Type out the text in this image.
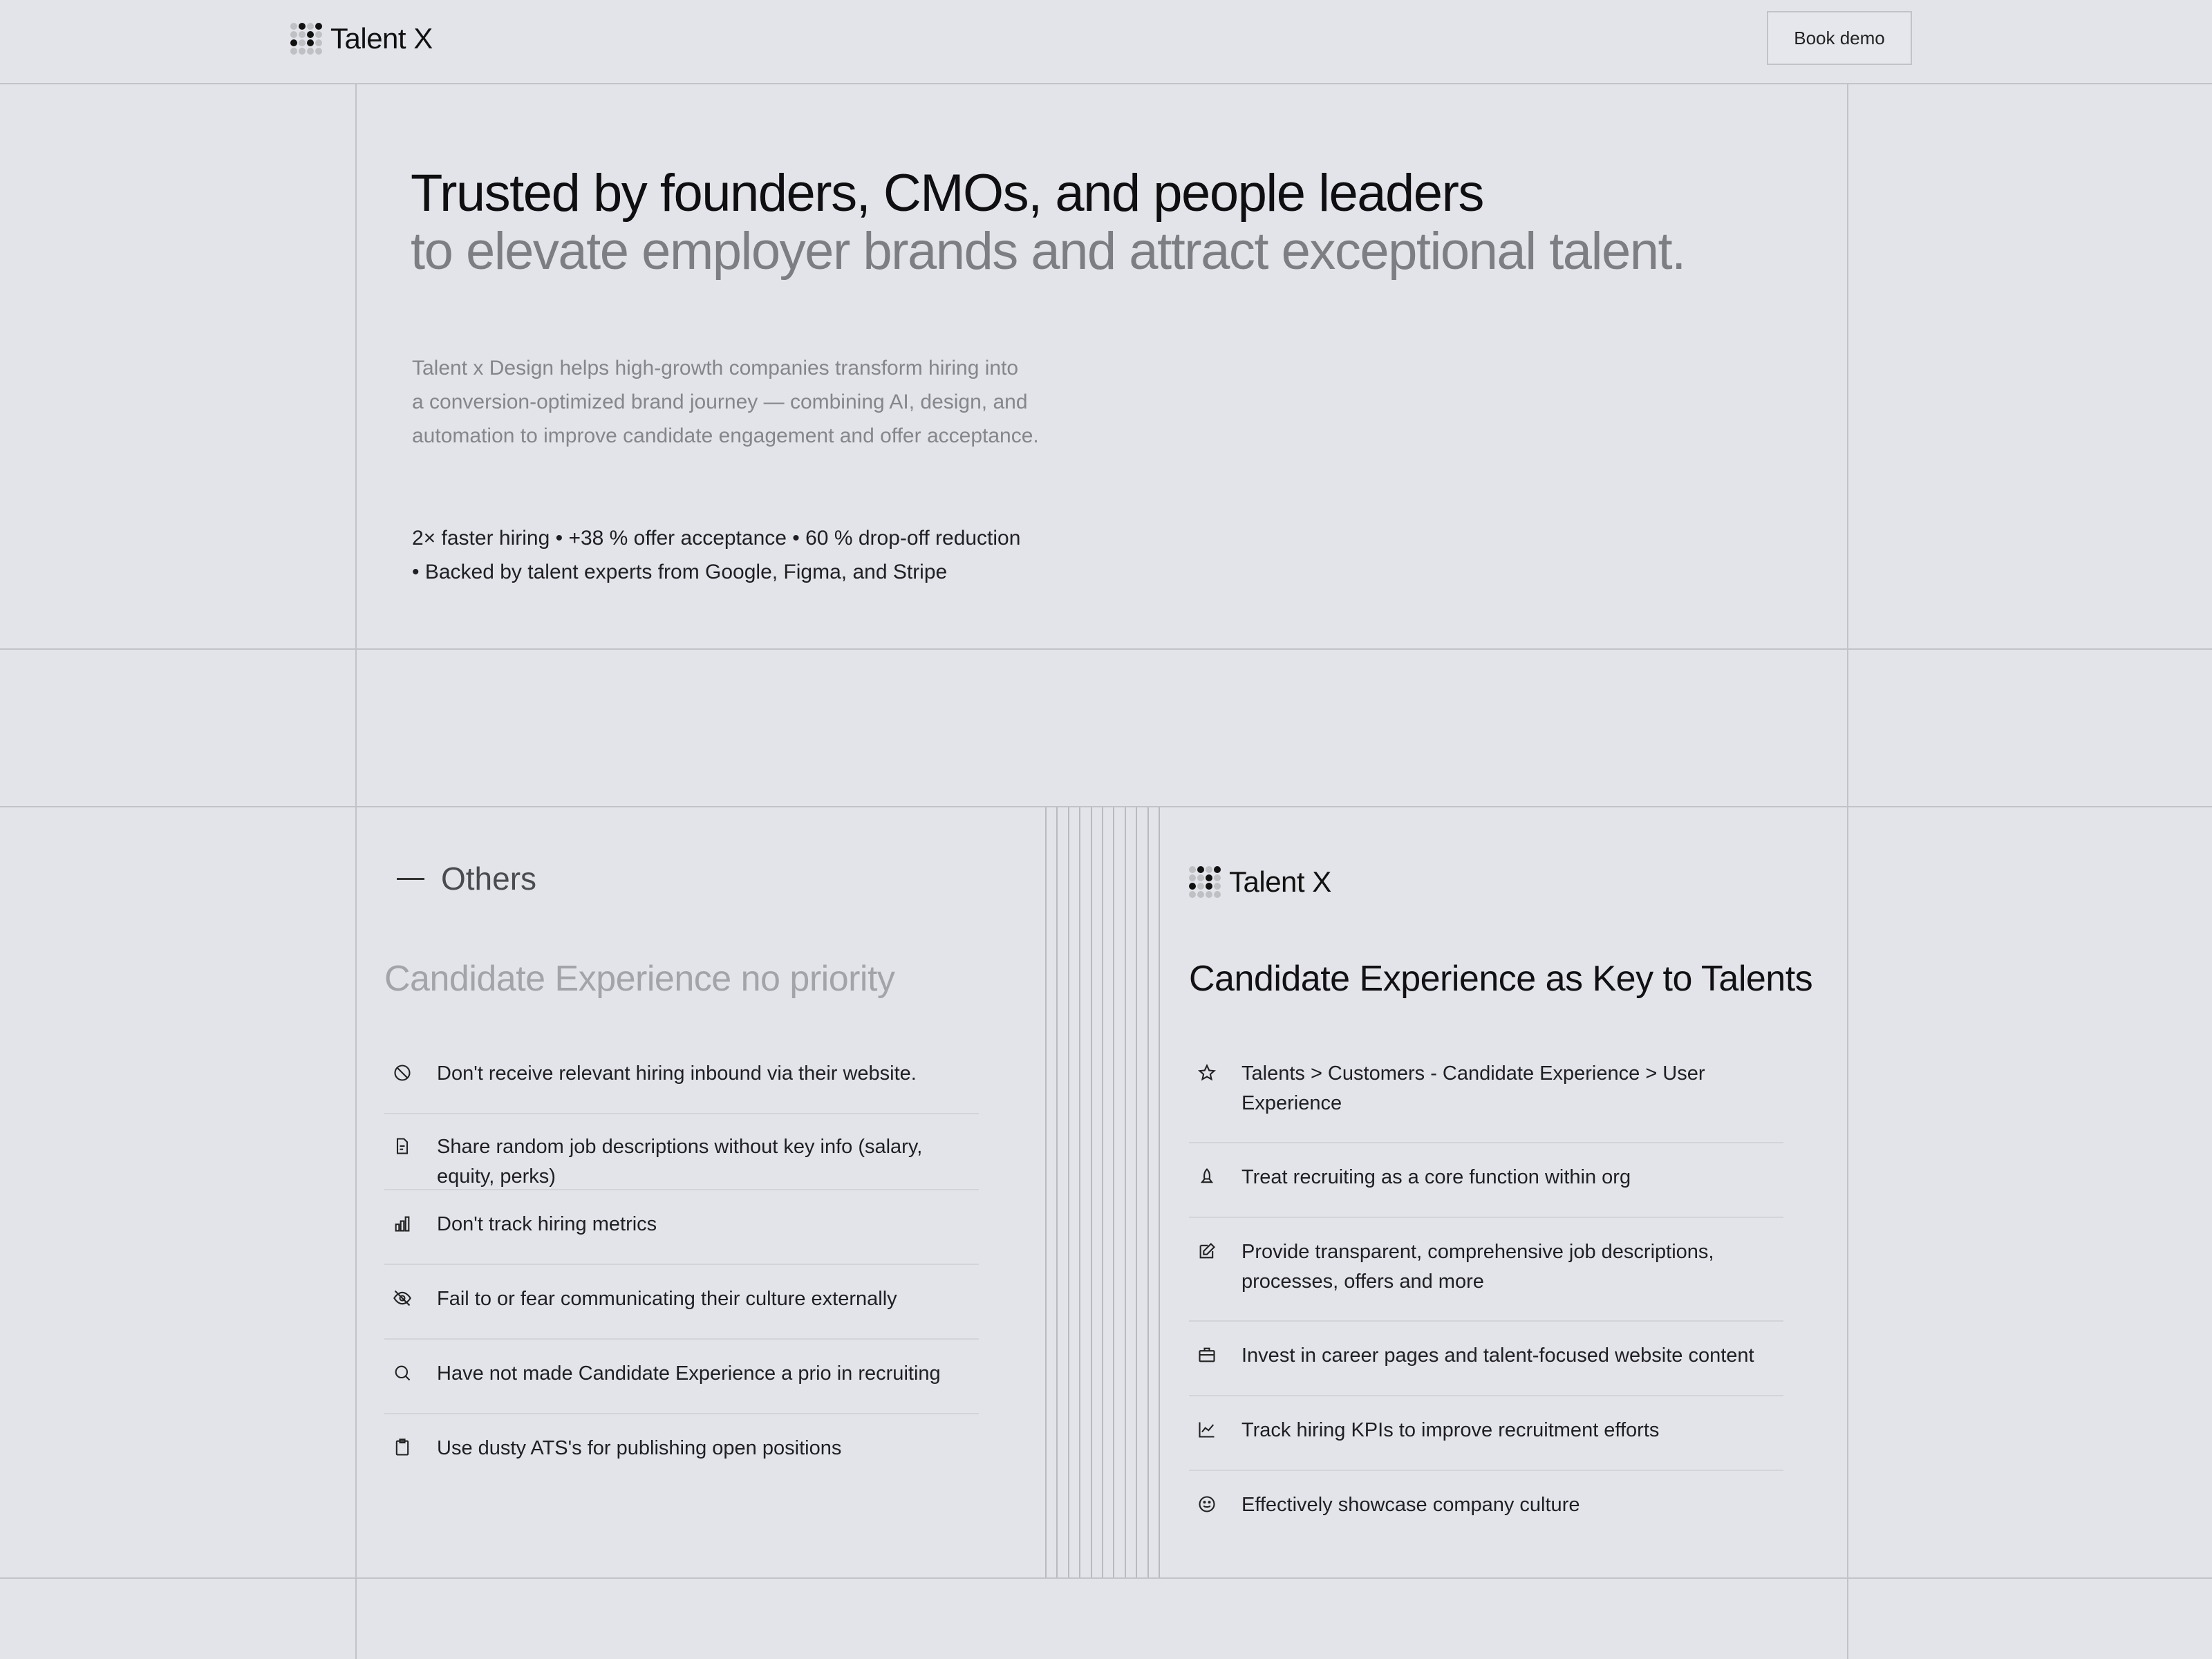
Talent X	Book demo
Trusted by founders, CMOs, and people leaders
to elevate employer brands and attract exceptional talent.

Talent x Design helps high-growth companies transform hiring into
a conversion-optimized brand journey — combining AI, design, and
automation to improve candidate engagement and offer acceptance.

2× faster hiring • +38 % offer acceptance • 60 % drop-off reduction
• Backed by talent experts from Google, Figma, and Stripe

Others
Candidate Experience no priority
Don't receive relevant hiring inbound via their website.
Share random job descriptions without key info (salary, equity, perks)
Don't track hiring metrics
Fail to or fear communicating their culture externally
Have not made Candidate Experience a prio in recruiting
Use dusty ATS's for publishing open positions
Talent X
Candidate Experience as Key to Talents
Talents > Customers - Candidate Experience > User Experience
Treat recruiting as a core function within org
Provide transparent, comprehensive job descriptions, processes, offers and more
Invest in career pages and talent-focused website content
Track hiring KPIs to improve recruitment efforts
Effectively showcase company culture
